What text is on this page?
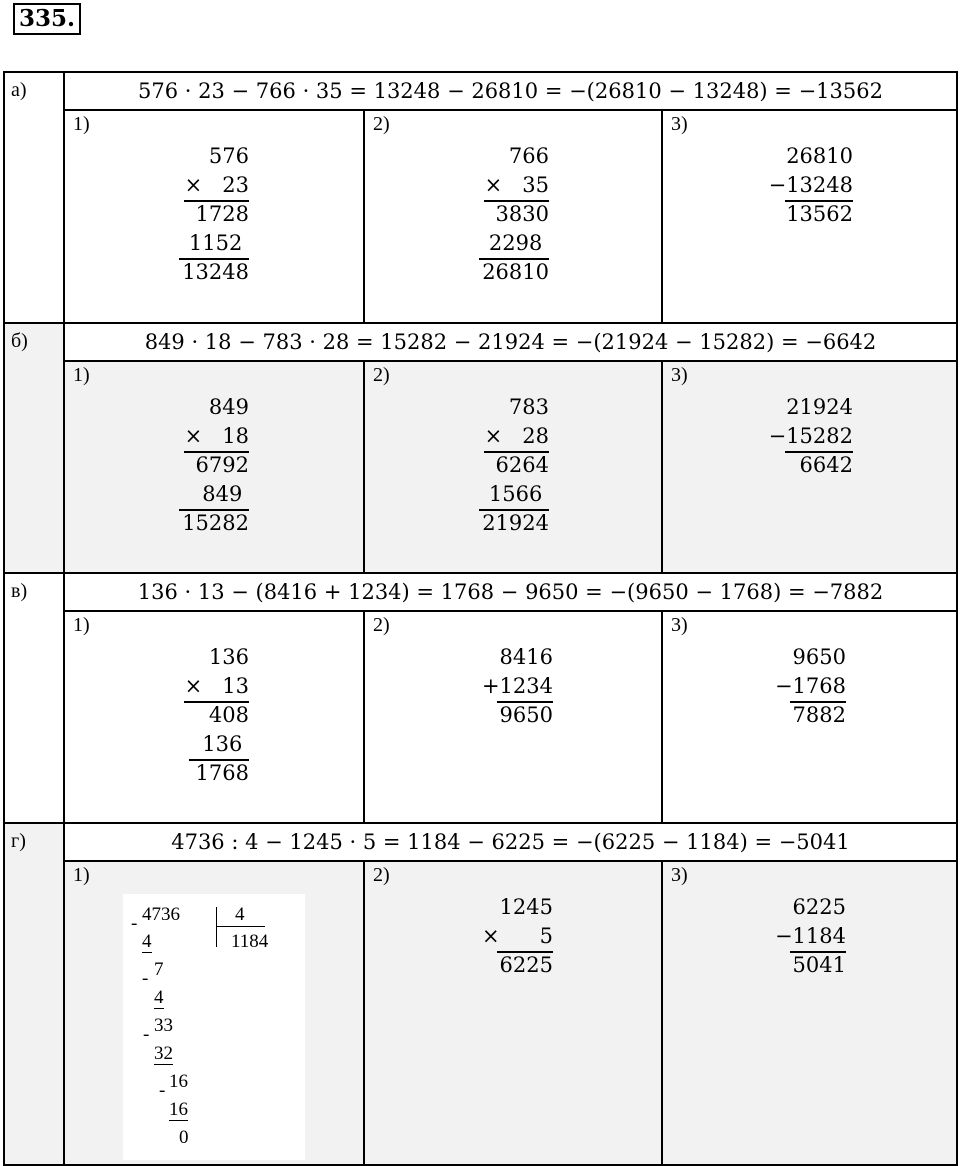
335.
а)	576 · 23 − 766 · 35 = 13248 − 26810 = −(26810 − 13248) = −13562
1)
576
×   23
1728
1152
13248
2)
766
×   35
3830
2298
26810
3)
26810
−13248
13562
б)	849 · 18 − 783 · 28 = 15282 − 21924 = −(21924 − 15282) = −6642
1)
849
×   18
6792
849
15282
2)
783
×   28
6264
1566
21924
3)
21924
−15282
6642
в)	136 · 13 − (8416 + 1234) = 1768 − 9650 = −(9650 − 1768) = −7882
1)
136
×   13
408
136
1768
2)
8416
+1234
9650
3)
9650
−1768
7882
г)	4736 : 4 − 1245 · 5 = 1184 − 6225 = −(6225 − 1184) = −5041
1)
- 4736	4
1184
4
- 7
4
- 33
32
- 16
16
0
2)
1245
×      5
6225
3)
6225
−1184
5041
